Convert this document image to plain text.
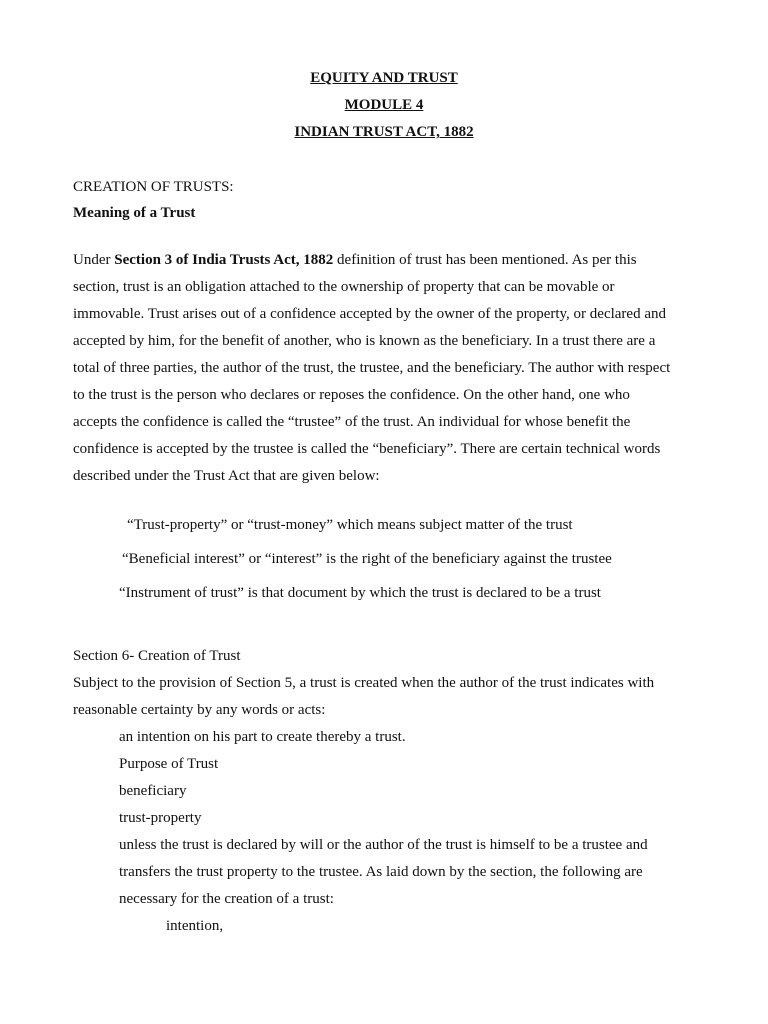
EQUITY AND TRUST
MODULE 4
INDIAN TRUST ACT, 1882
CREATION OF TRUSTS:
Meaning of a Trust
Under Section 3 of India Trusts Act, 1882 definition of trust has been mentioned. As per this
section, trust is an obligation attached to the ownership of property that can be movable or
immovable. Trust arises out of a confidence accepted by the owner of the property, or declared and
accepted by him, for the benefit of another, who is known as the beneficiary. In a trust there are a
total of three parties, the author of the trust, the trustee, and the beneficiary. The author with respect
to the trust is the person who declares or reposes the confidence. On the other hand, one who
accepts the confidence is called the “trustee” of the trust. An individual for whose benefit the
confidence is accepted by the trustee is called the “beneficiary”. There are certain technical words
described under the Trust Act that are given below:
“Trust-property” or “trust-money” which means subject matter of the trust
“Beneficial interest” or “interest” is the right of the beneficiary against the trustee
“Instrument of trust” is that document by which the trust is declared to be a trust
Section 6- Creation of Trust
Subject to the provision of Section 5, a trust is created when the author of the trust indicates with
reasonable certainty by any words or acts:
an intention on his part to create thereby a trust.
Purpose of Trust
beneficiary
trust-property
unless the trust is declared by will or the author of the trust is himself to be a trustee and
transfers the trust property to the trustee. As laid down by the section, the following are
necessary for the creation of a trust:
intention,
